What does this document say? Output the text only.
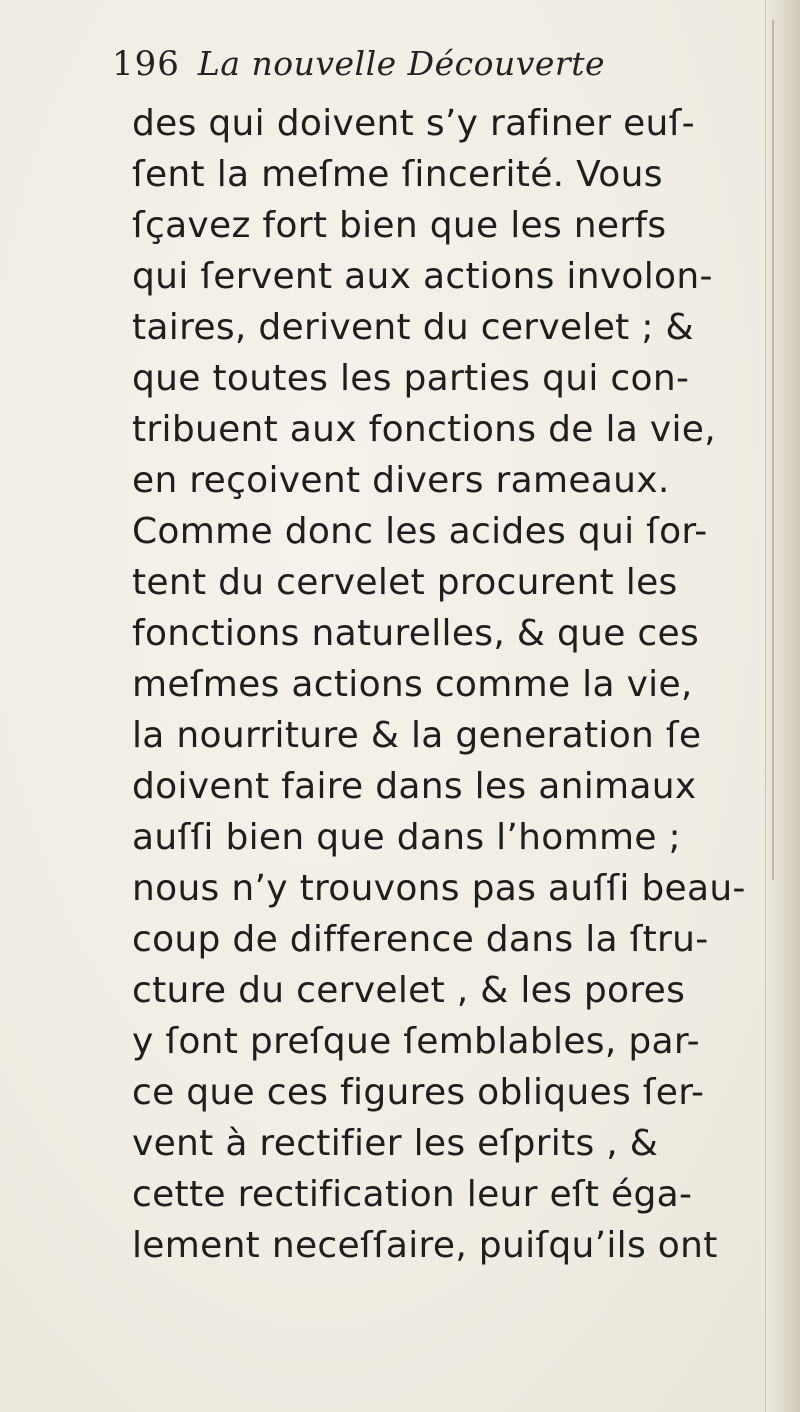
196 La nouvelle Découverte
des qui doivent s’y rafiner euſ-
ſent la meſme ſincerité. Vous
ſçavez fort bien que les nerfs
qui ſervent aux actions involon-
taires, derivent du cervelet ; &
que toutes les parties qui con-
tribuent aux fonctions de la vie,
en reçoivent divers rameaux.
Comme donc les acides qui ſor-
tent du cervelet procurent les
fonctions naturelles, & que ces
meſmes actions comme la vie,
la nourriture & la generation ſe
doivent faire dans les animaux
auſſi bien que dans l’homme ;
nous n’y trouvons pas auſſi beau-
coup de difference dans la ſtru-
cture du cervelet , & les pores
y ſont preſque ſemblables, par-
ce que ces figures obliques ſer-
vent à rectifier les eſprits , &
cette rectification leur eſt éga-
lement neceſſaire, puiſqu’ils ont
